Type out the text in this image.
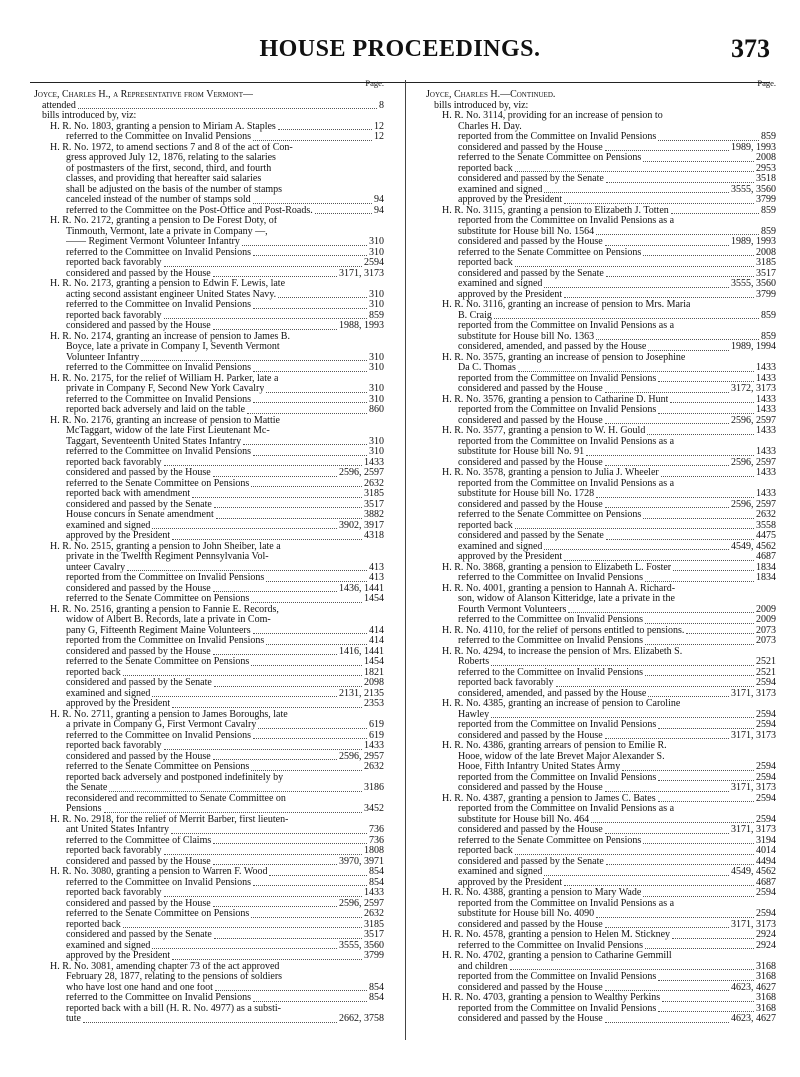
HOUSE PROCEEDINGS.	373
Page.
Joyce, Charles H., a Representative from Vermont—
attended	8
bills introduced by, viz:
H. R. No. 1803, granting a pension to Miriam A. Staples	12
referred to the Committee on Invalid Pensions	12
H. R. No. 1972, to amend sections 7 and 8 of the act of Con-
gress approved July 12, 1876, relating to the salaries
of postmasters of the first, second, third, and fourth
classes, and providing that hereafter said salaries
shall be adjusted on the basis of the number of stamps
canceled instead of the number of stamps sold	94
referred to the Committee on the Post-Office and Post-Roads.	94
H. R. No. 2172, granting a pension to De Forest Doty, of
Tinmouth, Vermont, late a private in Company —,
—— Regiment Vermont Volunteer Infantry	310
referred to the Committee on Invalid Pensions	310
reported back favorably	2594
considered and passed by the House	3171, 3173
H. R. No. 2173, granting a pension to Edwin F. Lewis, late
acting second assistant engineer United States Navy.	310
referred to the Committee on Invalid Pensions	310
reported back favorably	859
considered and passed by the House	1988, 1993
H. R. No. 2174, granting an increase of pension to James B.
Boyce, late a private in Company I, Seventh Vermont
Volunteer Infantry	310
referred to the Committee on Invalid Pensions	310
H. R. No. 2175, for the relief of William H. Parker, late a
private in Company F, Second New York Cavalry	310
referred to the Committee on Invalid Pensions	310
reported back adversely and laid on the table	860
H. R. No. 2176, granting an increase of pension to Mattie
McTaggart, widow of the late First Lieutenant Mc-
Taggart, Seventeenth United States Infantry	310
referred to the Committee on Invalid Pensions	310
reported back favorably	1433
considered and passed by the House	2596, 2597
referred to the Senate Committee on Pensions	2632
reported back with amendment	3185
considered and passed by the Senate	3517
House concurs in Senate amendment	3882
examined and signed	3902, 3917
approved by the President	4318
H. R. No. 2515, granting a pension to John Sheiber, late a
private in the Twelfth Regiment Pennsylvania Vol-
unteer Cavalry	413
reported from the Committee on Invalid Pensions	413
considered and passed by the House	1436, 1441
referred to the Senate Committee on Pensions	1454
H. R. No. 2516, granting a pension to Fannie E. Records,
widow of Albert B. Records, late a private in Com-
pany G, Fifteenth Regiment Maine Volunteers	414
reported from the Committee on Invalid Pensions	414
considered and passed by the House	1416, 1441
referred to the Senate Committee on Pensions	1454
reported back	1821
considered and passed by the Senate	2098
examined and signed	2131, 2135
approved by the President	2353
H. R. No. 2711, granting a pension to James Boroughs, late
a private in Company G, First Vermont Cavalry	619
referred to the Committee on Invalid Pensions	619
reported back favorably	1433
considered and passed by the House	2596, 2957
referred to the Senate Committee on Pensions	2632
reported back adversely and postponed indefinitely by
the Senate	3186
reconsidered and recommitted to Senate Committee on
Pensions	3452
H. R. No. 2918, for the relief of Merrit Barber, first lieuten-
ant United States Infantry	736
referred to the Committee of Claims	736
reported back favorably	1808
considered and passed by the House	3970, 3971
H. R. No. 3080, granting a pension to Warren F. Wood	854
referred to the Committee on Invalid Pensions	854
reported back favorably	1433
considered and passed by the House	2596, 2597
referred to the Senate Committee on Pensions	2632
reported back	3185
considered and passed by the Senate	3517
examined and signed	3555, 3560
approved by the President	3799
H. R. No. 3081, amending chapter 73 of the act approved
February 28, 1877, relating to the pensions of soldiers
who have lost one hand and one foot	854
referred to the Committee on Invalid Pensions	854
reported back with a bill (H. R. No. 4977) as a substi-
tute	2662, 3758
Page.
Joyce, Charles H.—Continued.
bills introduced by, viz:
H. R. No. 3114, providing for an increase of pension to
Charles H. Day.
reported from the Committee on Invalid Pensions	859
considered and passed by the House	1989, 1993
referred to the Senate Committee on Pensions	2008
reported back	2953
considered and passed by the Senate	3518
examined and signed	3555, 3560
approved by the President	3799
H. R. No. 3115, granting a pension to Elizabeth J. Totten	859
reported from the Committee on Invalid Pensions as a
substitute for House bill No. 1564	859
considered and passed by the House	1989, 1993
referred to the Senate Committee on Pensions	2008
reported back	3185
considered and passed by the Senate	3517
examined and signed	3555, 3560
approved by the President	3799
H. R. No. 3116, granting an increase of pension to Mrs. Maria
B. Craig	859
reported from the Committee on Invalid Pensions as a
substitute for House bill No. 1363	859
considered, amended, and passed by the House	1989, 1994
H. R. No. 3575, granting an increase of pension to Josephine
Da C. Thomas	1433
reported from the Committee on Invalid Pensions	1433
considered and passed by the House	3172, 3173
H. R. No. 3576, granting a pension to Catharine D. Hunt	1433
reported from the Committee on Invalid Pensions	1433
considered and passed by the House	2596, 2597
H. R. No. 3577, granting a pension to W. H. Gould	1433
reported from the Committee on Invalid Pensions as a
substitute for House bill No. 91	1433
considered and passed by the House	2596, 2597
H. R. No. 3578, granting a pension to Julia J. Wheeler	1433
reported from the Committee on Invalid Pensions as a
substitute for House bill No. 1728	1433
considered and passed by the House	2596, 2597
referred to the Senate Committee on Pensions	2632
reported back	3558
considered and passed by the Senate	4475
examined and signed	4549, 4562
approved by the President	4687
H. R. No. 3868, granting a pension to Elizabeth L. Foster	1834
referred to the Committee on Invalid Pensions	1834
H. R. No. 4001, granting a pension to Hannah A. Richard-
son, widow of Alanson Kitteridge, late a private in the
Fourth Vermont Volunteers	2009
referred to the Committee on Invalid Pensions	2009
H. R. No. 4110, for the relief of persons entitled to pensions.	2073
referred to the Committee on Invalid Pensions	2073
H. R. No. 4294, to increase the pension of Mrs. Elizabeth S.
Roberts	2521
referred to the Committee on Invalid Pensions	2521
reported back favorably	2594
considered, amended, and passed by the House	3171, 3173
H. R. No. 4385, granting an increase of pension to Caroline
Hawley	2594
reported from the Committee on Invalid Pensions	2594
considered and passed by the House	3171, 3173
H. R. No. 4386, granting arrears of pension to Emilie R.
Hooe, widow of the late Brevet Major Alexander S.
Hooe, Fifth Infantry United States Army	2594
reported from the Committee on Invalid Pensions	2594
considered and passed by the House	3171, 3173
H. R. No. 4387, granting a pension to James C. Bates	2594
reported from the Committee on Invalid Pensions as a
substitute for House bill No. 464	2594
considered and passed by the House	3171, 3173
referred to the Senate Committee on Pensions	3194
reported back	4014
considered and passed by the Senate	4494
examined and signed	4549, 4562
approved by the President	4687
H. R. No. 4388, granting a pension to Mary Wade	2594
reported from the Committee on Invalid Pensions as a
substitute for House bill No. 4090	2594
considered and passed by the House	3171, 3173
H. R. No. 4578, granting a pension to Helen M. Stickney	2924
referred to the Committee on Invalid Pensions	2924
H. R. No. 4702, granting a pension to Catharine Gemmill
and children	3168
reported from the Committee on Invalid Pensions	3168
considered and passed by the House	4623, 4627
H. R. No. 4703, granting a pension to Wealthy Perkins	3168
reported from the Committee on Invalid Pensions	3168
considered and passed by the House	4623, 4627
